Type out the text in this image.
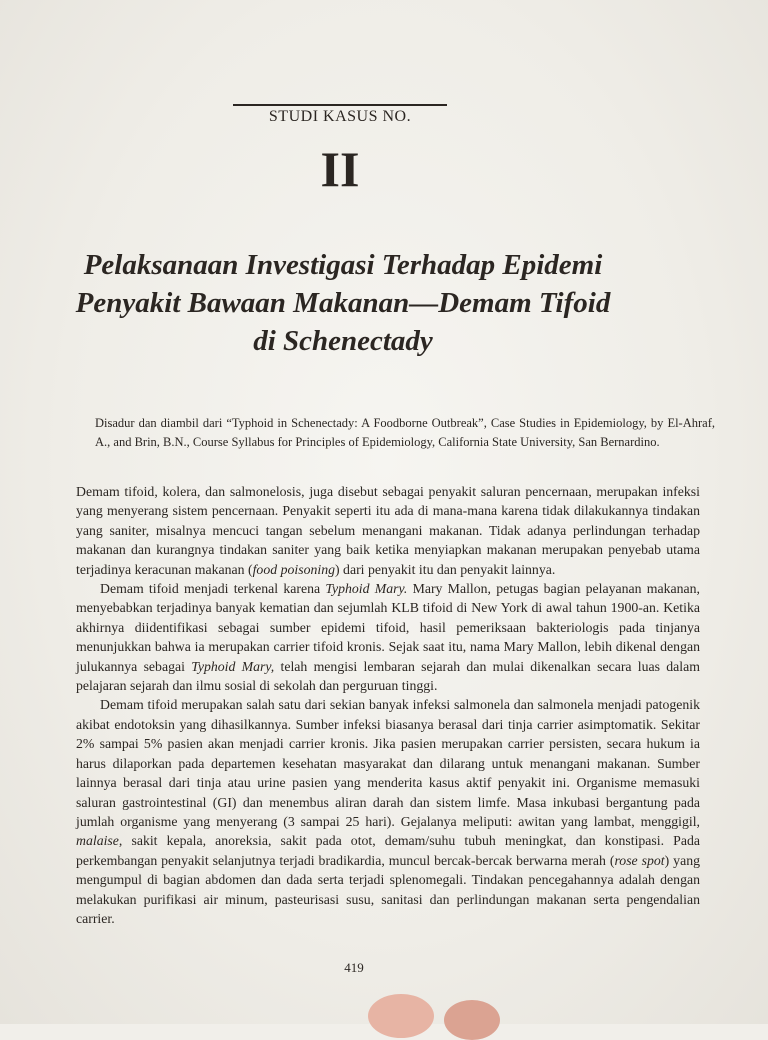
STUDI KASUS NO.
II
Pelaksanaan Investigasi Terhadap Epidemi
Penyakit Bawaan Makanan—Demam Tifoid
di Schenectady
Disadur dan diambil dari “Typhoid in Schenectady: A Foodborne Outbreak”, Case Studies in Epidemiology, by El-Ahraf, A., and Brin, B.N., Course Syllabus for Principles of Epidemiology, California State University, San Bernardino.

Demam tifoid, kolera, dan salmonelosis, juga disebut sebagai penyakit saluran pencernaan, merupakan infeksi yang menyerang sistem pencernaan. Penyakit seperti itu ada di mana-mana karena tidak dilakukannya tindakan yang saniter, misalnya mencuci tangan sebelum menangani makanan. Tidak adanya perlindungan terhadap makanan dan kurangnya tindakan saniter yang baik ketika menyiapkan makanan merupakan penyebab utama terjadinya keracunan makanan (food poisoning) dari penyakit itu dan penyakit lainnya.

Demam tifoid menjadi terkenal karena Typhoid Mary. Mary Mallon, petugas bagian pelayanan makanan, menyebabkan terjadinya banyak kematian dan sejumlah KLB tifoid di New York di awal tahun 1900-an. Ketika akhirnya diidentifikasi sebagai sumber epidemi tifoid, hasil pemeriksaan bakteriologis pada tinjanya menunjukkan bahwa ia merupakan carrier tifoid kronis. Sejak saat itu, nama Mary Mallon, lebih dikenal dengan julukannya sebagai Typhoid Mary, telah mengisi lembaran sejarah dan mulai dikenalkan secara luas dalam pelajaran sejarah dan ilmu sosial di sekolah dan perguruan tinggi.

Demam tifoid merupakan salah satu dari sekian banyak infeksi salmonela dan salmonela menjadi patogenik akibat endotoksin yang dihasilkannya. Sumber infeksi biasanya berasal dari tinja carrier asimptomatik. Sekitar 2% sampai 5% pasien akan menjadi carrier kronis. Jika pasien merupakan carrier persisten, secara hukum ia harus dilaporkan pada departemen kesehatan masyarakat dan dilarang untuk menangani makanan. Sumber lainnya berasal dari tinja atau urine pasien yang menderita kasus aktif penyakit ini. Organisme memasuki saluran gastrointestinal (GI) dan menembus aliran darah dan sistem limfe. Masa inkubasi bergantung pada jumlah organisme yang menyerang (3 sampai 25 hari). Gejalanya meliputi: awitan yang lambat, menggigil, malaise, sakit kepala, anoreksia, sakit pada otot, demam/suhu tubuh meningkat, dan konstipasi. Pada perkembangan penyakit selanjutnya terjadi bradikardia, muncul bercak-bercak berwarna merah (rose spot) yang mengumpul di bagian abdomen dan dada serta terjadi splenomegali. Tindakan pencegahannya adalah dengan melakukan purifikasi air minum, pasteurisasi susu, sanitasi dan perlindungan makanan serta pengendalian carrier.

419
